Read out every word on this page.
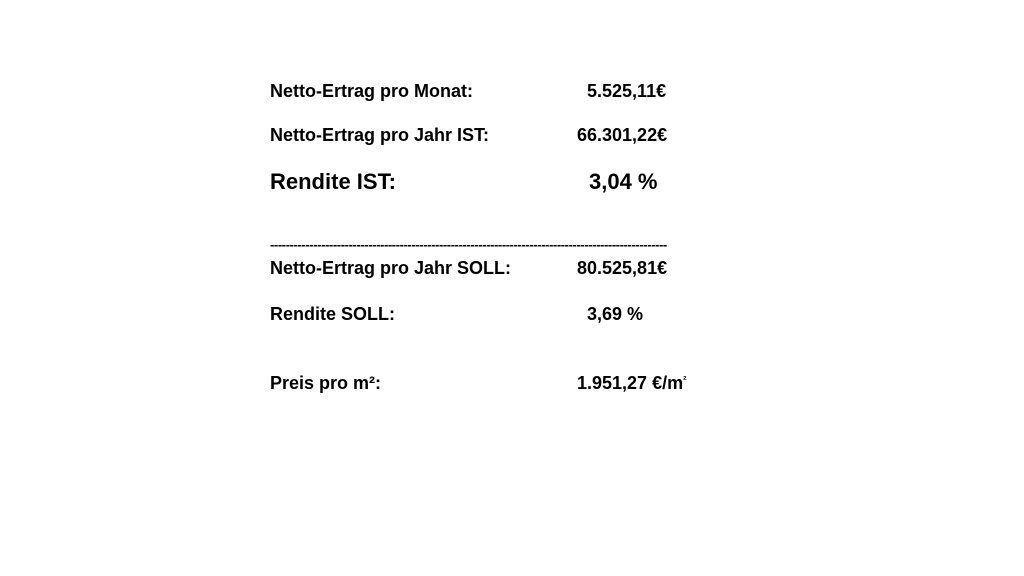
Netto-Ertrag pro Monat:	5.525,11€
Netto-Ertrag pro Jahr IST:	66.301,22€
Rendite IST:	3,04 %
-----------------------------------------------------------------------------------------------------
Netto-Ertrag pro Jahr SOLL:	80.525,81€
Rendite SOLL:	3,69 %
Preis pro m²:	1.951,27 $€/m^{^2}$
